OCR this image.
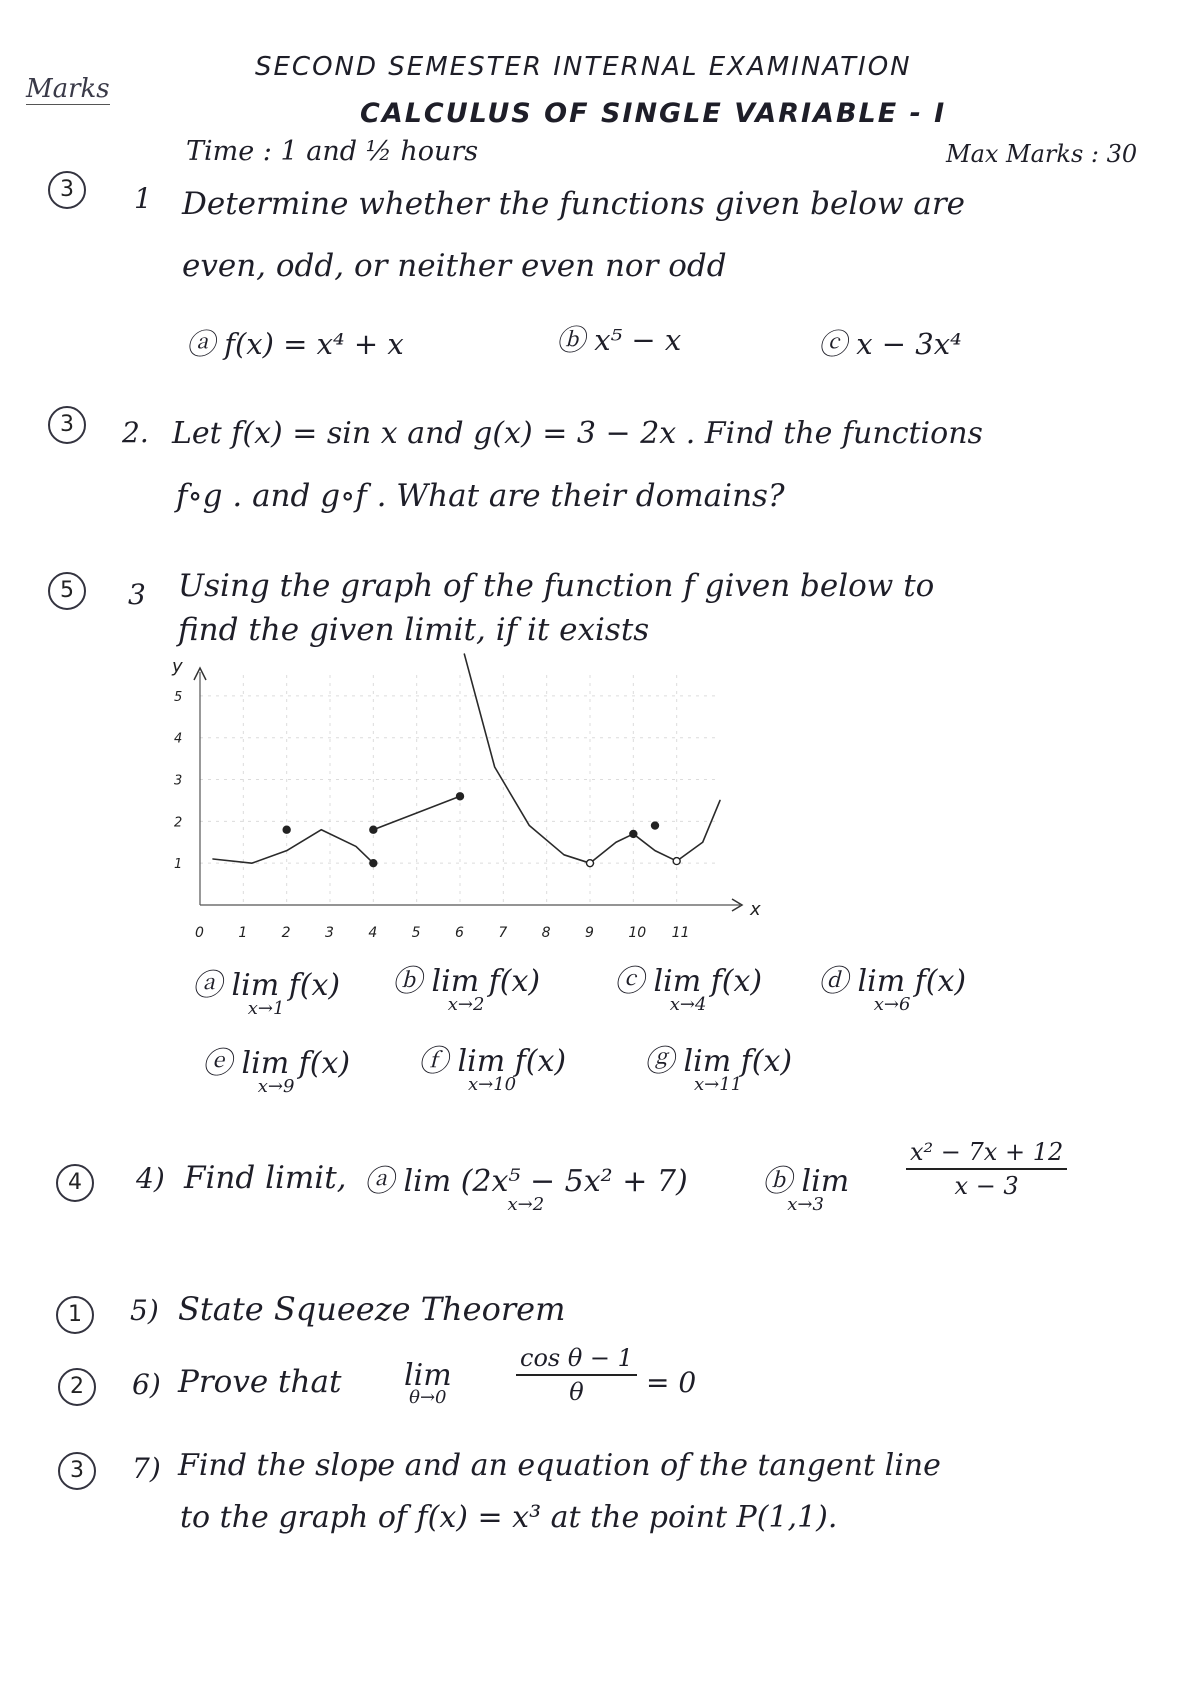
Marks
SECOND SEMESTER INTERNAL EXAMINATION
CALCULUS OF SINGLE VARIABLE - I
Time : 1 and ½ hours	Max Marks : 30
3	1 Determine whether the functions given below are
even, odd, or neither even nor odd
ⓐ f(x) = x⁴ + x	ⓑ x⁵ − x	ⓒ x − 3x⁴
3	2. Let f(x) = sin x and g(x) = 3 − 2x . Find the functions
f∘g . and g∘f . What are their domains?
5	3 Using the graph of the function f given below to
find the given limit, if it exists
x
y
0 1 2 3 4 5 6 7 8 9 10 11
1
2
3
4
5
ⓐ lim f(x)
x→1
ⓑ lim f(x)
x→2
ⓒ lim f(x)
x→4
ⓓ lim f(x)
x→6
ⓔ lim f(x)
x→9
ⓕ lim f(x)
x→10
ⓖ lim f(x)
x→11
4	4) Find limit, ⓐ lim (2x⁵ − 5x² + 7)
x→2
ⓑ lim
x→3
$\frac{\text{x² − 7x + 12}}{x - 3}$
1	5) State Squeeze Theorem
2	6) Prove that lim
θ→0	$\frac{\text{cos θ − 1}}{\theta} = 0$
3	7) Find the slope and an equation of the tangent line
to the graph of f(x) = x³ at the point P(1,1).
